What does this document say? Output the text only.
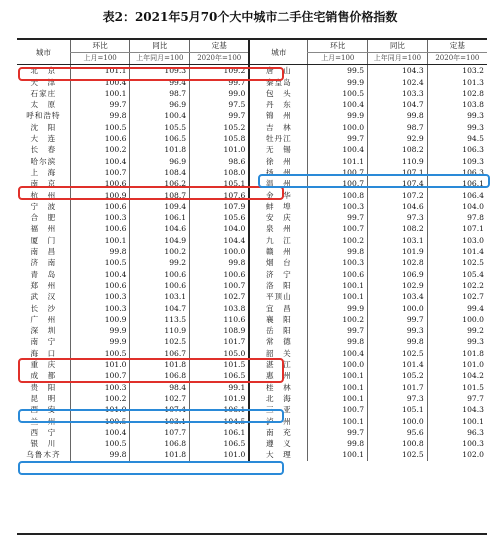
表2：2021年5月70个大中城市二手住宅销售价格指数
城市	环比	同比	定基	城市	环比	同比	定基
	上月=100	上年同月=100	2020年=100		上月=100	上年同月=100	2020年=100
北　京	101.1	109.3	109.2	唐　山	99.5	104.3	103.2
天　津	100.4	99.4	99.7	秦皇岛	99.9	102.4	101.3
石家庄	100.1	98.7	99.0	包　头	100.5	103.3	102.8
太　原	99.7	96.9	97.5	丹　东	100.4	104.7	103.8
呼和浩特	99.8	100.4	99.7	锦　州	99.9	99.8	99.3
沈　阳	100.5	105.5	105.2	吉　林	100.0	98.7	99.3
大　连	100.6	106.5	105.8	牡丹江	99.7	92.9	94.5
长　春	100.2	101.8	101.0	无　锡	100.4	108.2	106.3
哈尔滨	100.4	96.9	98.6	徐　州	101.1	110.9	109.3
上　海	100.7	108.4	108.0	扬　州	100.7	107.1	106.3
南　京	100.6	106.2	105.1	温　州	100.7	107.4	106.1
杭　州	100.9	108.7	107.6	金　华	100.8	107.2	106.4
宁　波	100.6	109.4	107.9	蚌　埠	100.3	104.6	104.0
合　肥	100.3	106.1	105.6	安　庆	99.7	97.3	97.8
福　州	100.6	104.6	104.0	泉　州	100.7	108.2	107.1
厦　门	100.1	104.9	104.4	九　江	100.2	103.1	103.0
南　昌	99.8	100.2	100.0	赣　州	99.8	101.9	101.4
济　南	100.5	99.2	99.8	烟　台	100.3	102.8	102.5
青　岛	100.4	100.6	100.6	济　宁	100.6	106.9	105.4
郑　州	100.6	100.6	100.7	洛　阳	100.1	102.9	102.2
武　汉	100.3	103.1	102.7	平顶山	100.1	103.4	102.7
长　沙	100.3	104.7	103.8	宜　昌	99.9	100.0	99.4
广　州	100.9	113.5	110.6	襄　阳	100.2	99.7	100.0
深　圳	99.9	110.9	108.9	岳　阳	99.7	99.3	99.2
南　宁	99.9	102.5	101.7	常　德	99.8	99.8	99.3
海　口	100.5	106.7	105.0	韶　关	100.4	102.5	101.8
重　庆	101.0	101.8	101.5	湛　江	100.0	101.4	101.0
成　都	100.7	106.8	106.5	惠　州	100.1	105.2	104.2
贵　阳	100.3	98.4	99.1	桂　林	100.1	101.7	101.5
昆　明	100.2	102.7	101.9	北　海	100.1	97.3	97.7
西　安	101.0	107.4	106.1	三　亚	100.7	105.1	104.3
兰　州	100.5	103.1	104.5	泸　州	100.1	100.0	100.1
西　宁	100.4	107.7	106.1	南　充	99.7	95.6	96.3
银　川	100.5	106.8	106.5	遵　义	99.8	100.8	100.3
乌鲁木齐	99.8	101.8	101.0	大　理	100.1	102.5	102.0
